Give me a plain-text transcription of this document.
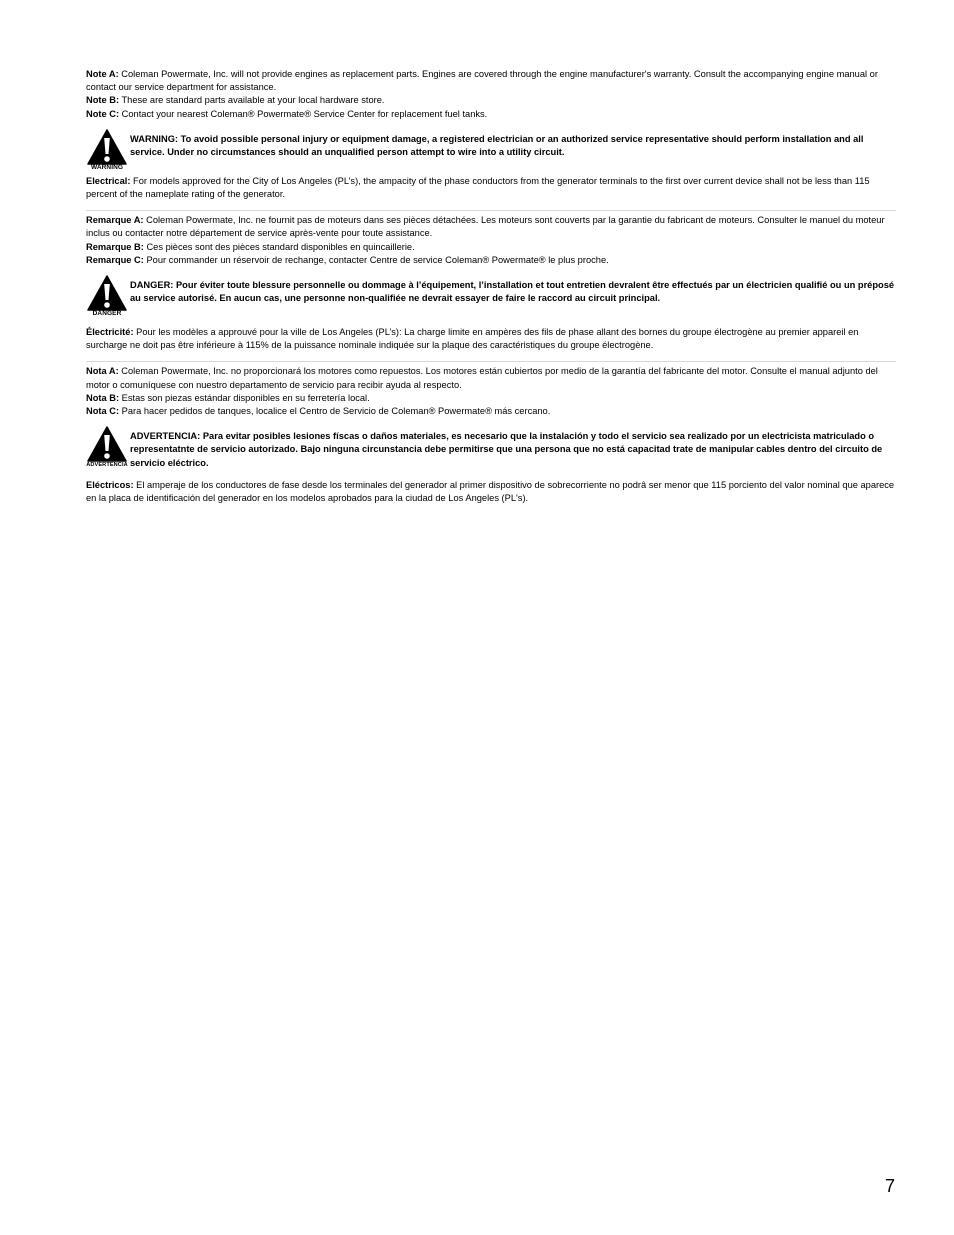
Note A: Coleman Powermate, Inc. will not provide engines as replacement parts. Engines are covered through the engine manufacturer's warranty. Consult the accompanying engine manual or contact our service department for assistance.

Note B: These are standard parts available at your local hardware store.

Note C: Contact your nearest Coleman® Powermate® Service Center for replacement fuel tanks.

WARNING
WARNING: To avoid possible personal injury or equipment damage, a registered electrician or an authorized service representative should perform installation and all service. Under no circumstances should an unqualified person attempt to wire into a utility circuit.

Electrical: For models approved for the City of Los Angeles (PL’s), the ampacity of the phase conductors from the generator terminals to the first over current device shall not be less than 115 percent of the nameplate rating of the generator.

Remarque A: Coleman Powermate, Inc. ne fournit pas de moteurs dans ses pièces détachées. Les moteurs sont couverts par la garantie du fabricant de moteurs. Consulter le manuel du moteur inclus ou contacter notre département de service après-vente pour toute assistance.

Remarque B: Ces pièces sont des pièces standard disponibles en quincaillerie.

Remarque C: Pour commander un réservoir de rechange, contacter Centre de service Coleman® Powermate® le plus proche.

DANGER
DANGER: Pour éviter toute blessure personnelle ou dommage à l’équipement, l’installation et tout entretien devralent être effectués par un électricien qualifié ou un préposé au service autorisé. En aucun cas, une personne non-qualifiée ne devrait essayer de faire le raccord au circuit principal.

Électricité: Pour les modèles a approuvé pour la ville de Los Angeles (PL’s): La charge limite en ampères des fils de phase allant des bornes du groupe électrogène au premier appareil en surcharge ne doit pas être inférieure à 115% de la puissance nominale indiquée sur la plaque des caractéristiques du groupe électrogène.

Nota A: Coleman Powermate, Inc. no proporcionará los motores como repuestos. Los motores están cubiertos por medio de la garantía del fabricante del motor. Consulte el manual adjunto del motor o comuníquese con nuestro departamento de servicio para recibir ayuda al respecto.

Nota B: Estas son piezas estándar disponibles en su ferretería local.

Nota C: Para hacer pedidos de tanques, localice el Centro de Servicio de Coleman® Powermate® más cercano.

ADVERTENCIA
ADVERTENCIA: Para evitar posibles lesiones físcas o daños materiales, es necesario que la instalación y todo el servicio sea realizado por un electricista matriculado o representatnte de servicio autorizado. Bajo ninguna circunstancia debe permitirse que una persona que no está capacitad trate de manipular cables dentro del circuito de servicio eléctrico.

Eléctricos: El amperaje de los conductores de fase desde los terminales del generador al primer dispositivo de sobrecorriente no podrâ ser menor que 115 porciento del valor nominal que aparece en la placa de identificación del generador en los modelos aprobados para la ciudad de Los Angeles (PL's).

7
